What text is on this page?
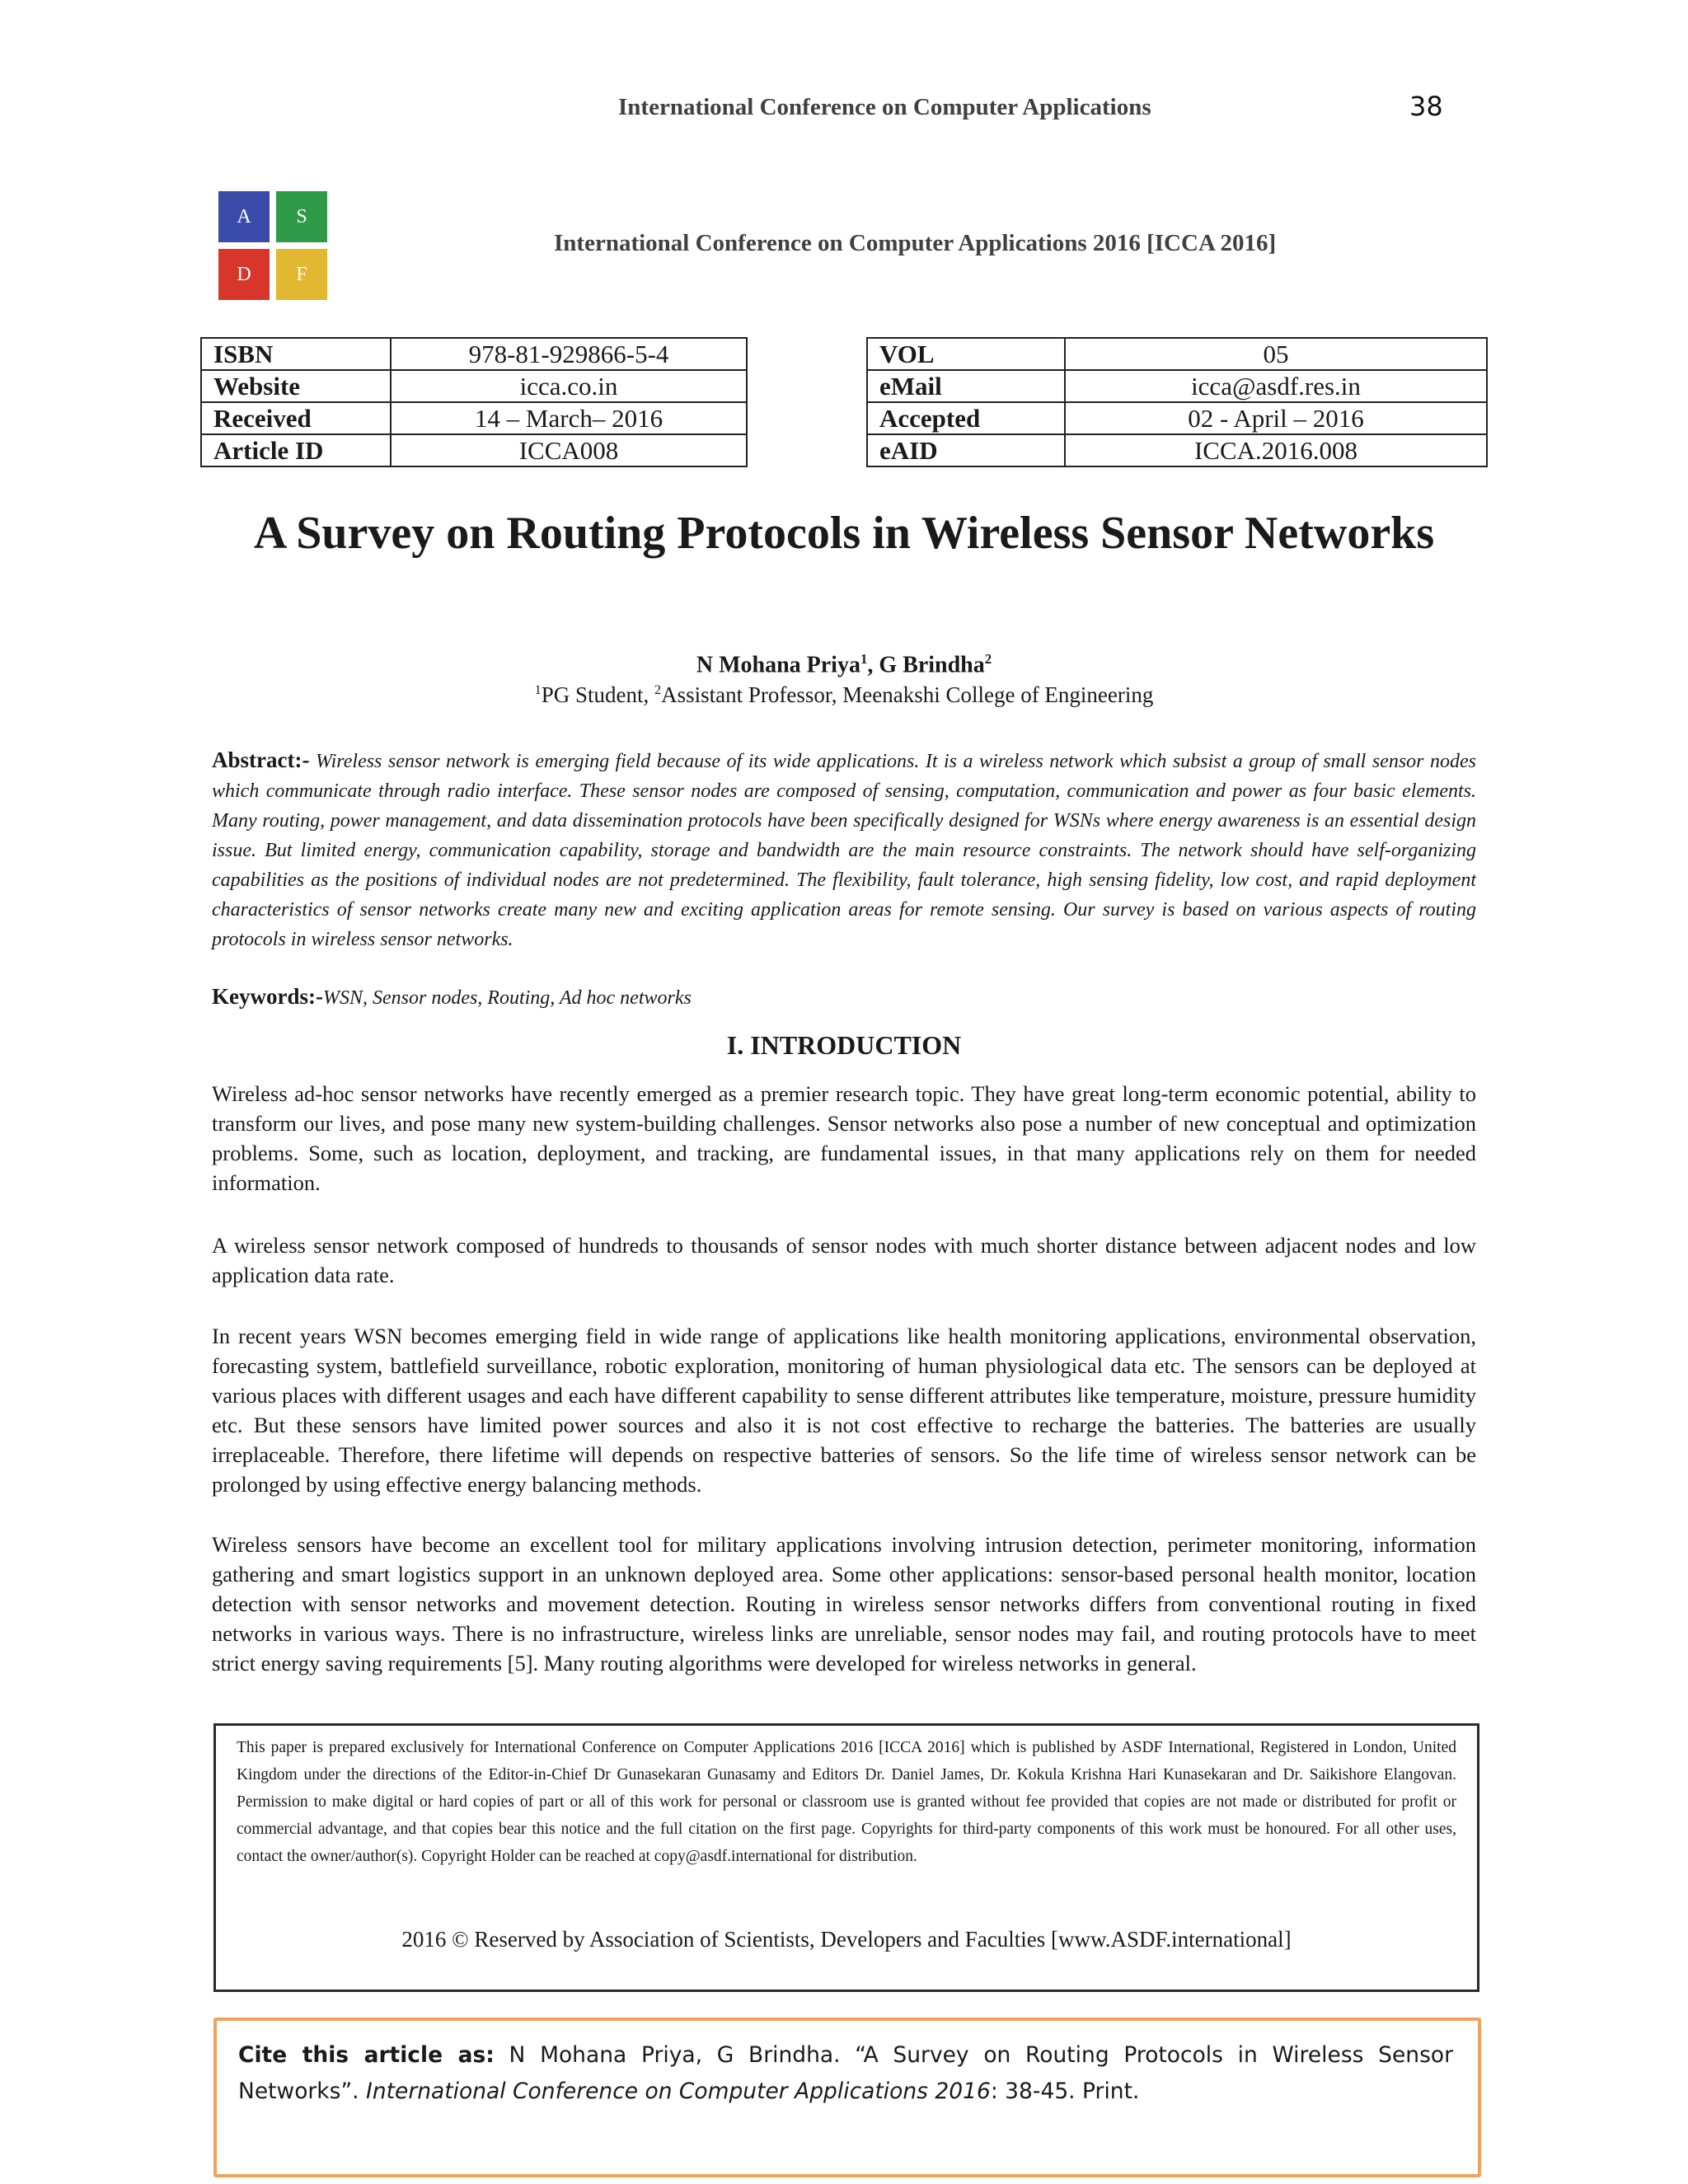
International Conference on Computer Applications	38
A	S
D	F
International Conference on Computer Applications 2016 [ICCA 2016]
ISBN	978-81-929866-5-4
Website	icca.co.in
Received	14 – March– 2016
Article ID	ICCA008
VOL	05
eMail	icca@asdf.res.in
Accepted	02 - April – 2016
eAID	ICCA.2016.008
A Survey on Routing Protocols in Wireless Sensor Networks
N Mohana Priya$^1$, G Brindha$^2$
$^1$PG Student, $^2$Assistant Professor, Meenakshi College of Engineering
Abstract:- Wireless sensor network is emerging field because of its wide applications. It is a wireless network which subsist a group of small sensor nodes which communicate through radio interface. These sensor nodes are composed of sensing, computation, communication and power as four basic elements. Many routing, power management, and data dissemination protocols have been specifically designed for WSNs where energy awareness is an essential design issue. But limited energy, communication capability, storage and bandwidth are the main resource constraints. The network should have self-organizing capabilities as the positions of individual nodes are not predetermined. The flexibility, fault tolerance, high sensing fidelity, low cost, and rapid deployment characteristics of sensor networks create many new and exciting application areas for remote sensing. Our survey is based on various aspects of routing protocols in wireless sensor networks.
Keywords:-WSN, Sensor nodes, Routing, Ad hoc networks
I. INTRODUCTION
Wireless ad-hoc sensor networks have recently emerged as a premier research topic. They have great long-term economic potential, ability to transform our lives, and pose many new system-building challenges. Sensor networks also pose a number of new conceptual and optimization problems. Some, such as location, deployment, and tracking, are fundamental issues, in that many applications rely on them for needed information.
A wireless sensor network composed of hundreds to thousands of sensor nodes with much shorter distance between adjacent nodes and low application data rate.
In recent years WSN becomes emerging field in wide range of applications like health monitoring applications, environmental observation, forecasting system, battlefield surveillance, robotic exploration, monitoring of human physiological data etc. The sensors can be deployed at various places with different usages and each have different capability to sense different attributes like temperature, moisture, pressure humidity etc. But these sensors have limited power sources and also it is not cost effective to recharge the batteries. The batteries are usually irreplaceable. Therefore, there lifetime will depends on respective batteries of sensors. So the life time of wireless sensor network can be prolonged by using effective energy balancing methods.
Wireless sensors have become an excellent tool for military applications involving intrusion detection, perimeter monitoring, information gathering and smart logistics support in an unknown deployed area. Some other applications: sensor-based personal health monitor, location detection with sensor networks and movement detection. Routing in wireless sensor networks differs from conventional routing in fixed networks in various ways. There is no infrastructure, wireless links are unreliable, sensor nodes may fail, and routing protocols have to meet strict energy saving requirements [5]. Many routing algorithms were developed for wireless networks in general.
This paper is prepared exclusively for International Conference on Computer Applications 2016 [ICCA 2016] which is published by ASDF International, Registered in London, United Kingdom under the directions of the Editor-in-Chief Dr Gunasekaran Gunasamy and Editors Dr. Daniel James, Dr. Kokula Krishna Hari Kunasekaran and Dr. Saikishore Elangovan. Permission to make digital or hard copies of part or all of this work for personal or classroom use is granted without fee provided that copies are not made or distributed for profit or commercial advantage, and that copies bear this notice and the full citation on the first page. Copyrights for third-party components of this work must be honoured. For all other uses, contact the owner/author(s). Copyright Holder can be reached at copy@asdf.international for distribution.
2016 © Reserved by Association of Scientists, Developers and Faculties [www.ASDF.international]
Cite this article as: N Mohana Priya, G Brindha. “A Survey on Routing Protocols in Wireless Sensor Networks”. International Conference on Computer Applications 2016: 38-45. Print.
